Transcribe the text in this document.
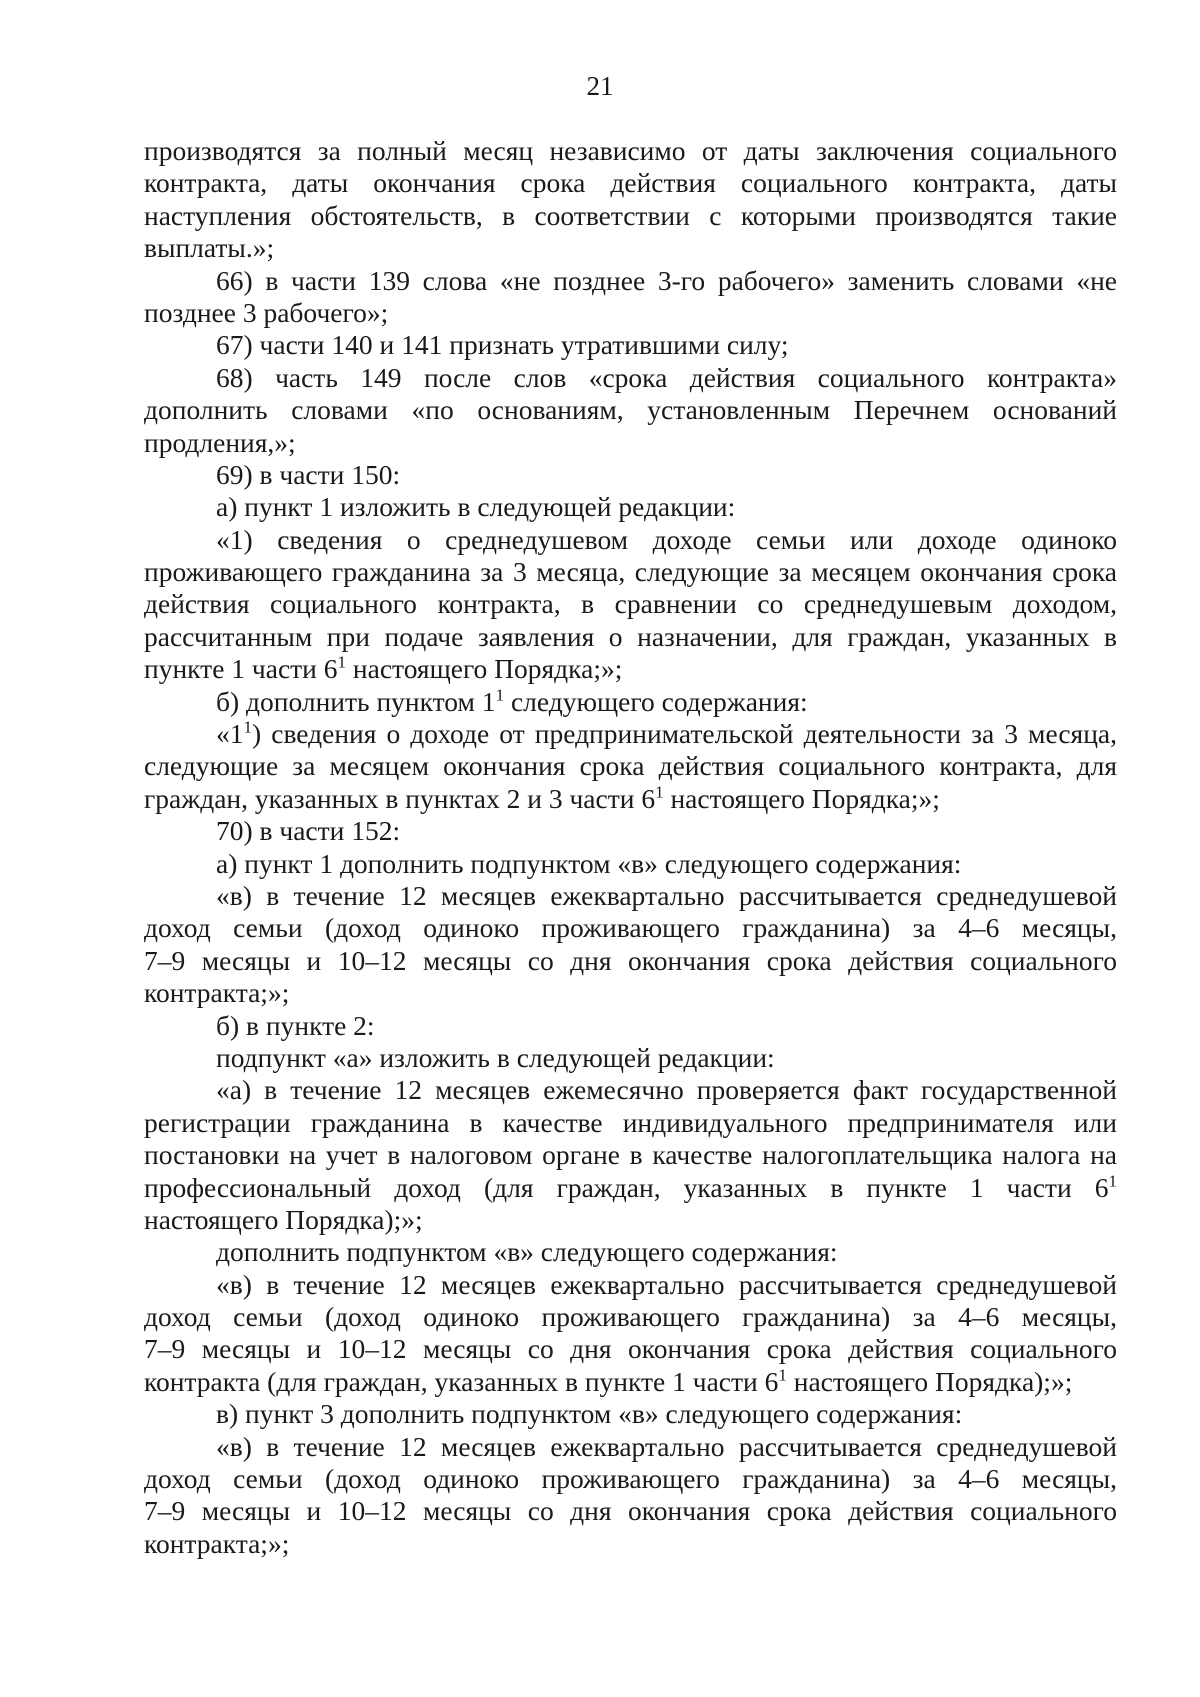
21
производятся за полный месяц независимо от даты заключения социального
контракта, даты окончания срока действия социального контракта, даты
наступления обстоятельств, в соответствии с которыми производятся такие
выплаты.»;
66) в части 139 слова «не позднее 3-го рабочего» заменить словами «не
позднее 3 рабочего»;
67) части 140 и 141 признать утратившими силу;
68) часть 149 после слов «срока действия социального контракта»
дополнить словами «по основаниям, установленным Перечнем оснований
продления,»;
69) в части 150:
а) пункт 1 изложить в следующей редакции:
«1) сведения о среднедушевом доходе семьи или доходе одиноко
проживающего гражданина за 3 месяца, следующие за месяцем окончания срока
действия социального контракта, в сравнении со среднедушевым доходом,
рассчитанным при подаче заявления о назначении, для граждан, указанных в
пункте 1 части $6^1$ настоящего Порядка;»;
б) дополнить пунктом $1^1$ следующего содержания:
«$1^1$) сведения о доходе от предпринимательской деятельности за 3 месяца,
следующие за месяцем окончания срока действия социального контракта, для
граждан, указанных в пунктах 2 и 3 части $6^1$ настоящего Порядка;»;
70) в части 152:
а) пункт 1 дополнить подпунктом «в» следующего содержания:
«в) в течение 12 месяцев ежеквартально рассчитывается среднедушевой
доход семьи (доход одиноко проживающего гражданина) за 4–6 месяцы,
7–9 месяцы и 10–12 месяцы со дня окончания срока действия социального
контракта;»;
б) в пункте 2:
подпункт «а» изложить в следующей редакции:
«а) в течение 12 месяцев ежемесячно проверяется факт государственной
регистрации гражданина в качестве индивидуального предпринимателя или
постановки на учет в налоговом органе в качестве налогоплательщика налога на
профессиональный доход (для граждан, указанных в пункте 1 части $6^1$
настоящего Порядка);»;
дополнить подпунктом «в» следующего содержания:
«в) в течение 12 месяцев ежеквартально рассчитывается среднедушевой
доход семьи (доход одиноко проживающего гражданина) за 4–6 месяцы,
7–9 месяцы и 10–12 месяцы со дня окончания срока действия социального
контракта (для граждан, указанных в пункте 1 части $6^1$ настоящего Порядка);»;
в) пункт 3 дополнить подпунктом «в» следующего содержания:
«в) в течение 12 месяцев ежеквартально рассчитывается среднедушевой
доход семьи (доход одиноко проживающего гражданина) за 4–6 месяцы,
7–9 месяцы и 10–12 месяцы со дня окончания срока действия социального
контракта;»;
